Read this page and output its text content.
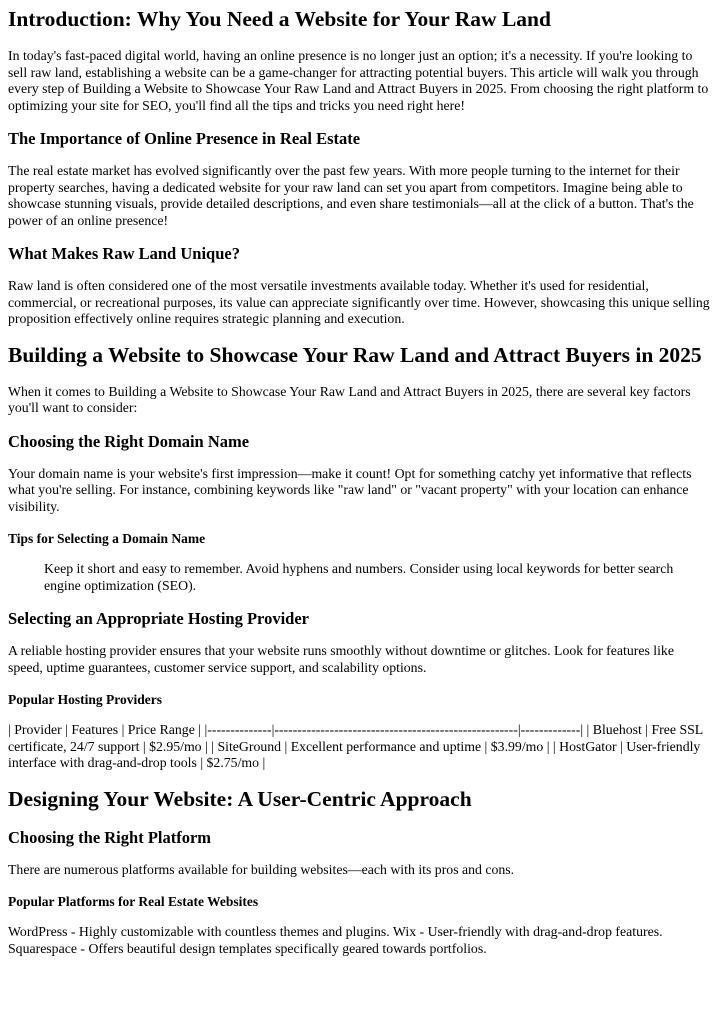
Introduction: Why You Need a Website for Your Raw Land

In today's fast-paced digital world, having an online presence is no longer just an option; it's a necessity. If you're looking to sell raw land, establishing a website can be a game-changer for attracting potential buyers. This article will walk you through every step of Building a Website to Showcase Your Raw Land and Attract Buyers in 2025. From choosing the right platform to optimizing your site for SEO, you'll find all the tips and tricks you need right here!

The Importance of Online Presence in Real Estate

The real estate market has evolved significantly over the past few years. With more people turning to the internet for their property searches, having a dedicated website for your raw land can set you apart from competitors. Imagine being able to showcase stunning visuals, provide detailed descriptions, and even share testimonials—all at the click of a button. That's the power of an online presence!

What Makes Raw Land Unique?

Raw land is often considered one of the most versatile investments available today. Whether it's used for residential, commercial, or recreational purposes, its value can appreciate significantly over time. However, showcasing this unique selling proposition effectively online requires strategic planning and execution.

Building a Website to Showcase Your Raw Land and Attract Buyers in 2025

When it comes to Building a Website to Showcase Your Raw Land and Attract Buyers in 2025, there are several key factors you'll want to consider:

Choosing the Right Domain Name

Your domain name is your website's first impression—make it count! Opt for something catchy yet informative that reflects what you're selling. For instance, combining keywords like "raw land" or "vacant property" with your location can enhance visibility.

Tips for Selecting a Domain Name
Keep it short and easy to remember. Avoid hyphens and numbers. Consider using local keywords for better search engine optimization (SEO).
Selecting an Appropriate Hosting Provider

A reliable hosting provider ensures that your website runs smoothly without downtime or glitches. Look for features like speed, uptime guarantees, customer service support, and scalability options.

Popular Hosting Providers

| Provider | Features | Price Range | |--------------|-----------------------------------------------------|-------------| | Bluehost | Free SSL certificate, 24/7 support | $2.95/mo | | SiteGround | Excellent performance and uptime | $3.99/mo | | HostGator | User-friendly interface with drag-and-drop tools | $2.75/mo |

Designing Your Website: A User-Centric Approach
Choosing the Right Platform

There are numerous platforms available for building websites—each with its pros and cons.

Popular Platforms for Real Estate Websites

WordPress - Highly customizable with countless themes and plugins. Wix - User-friendly with drag-and-drop features. Squarespace - Offers beautiful design templates specifically geared towards portfolios.
